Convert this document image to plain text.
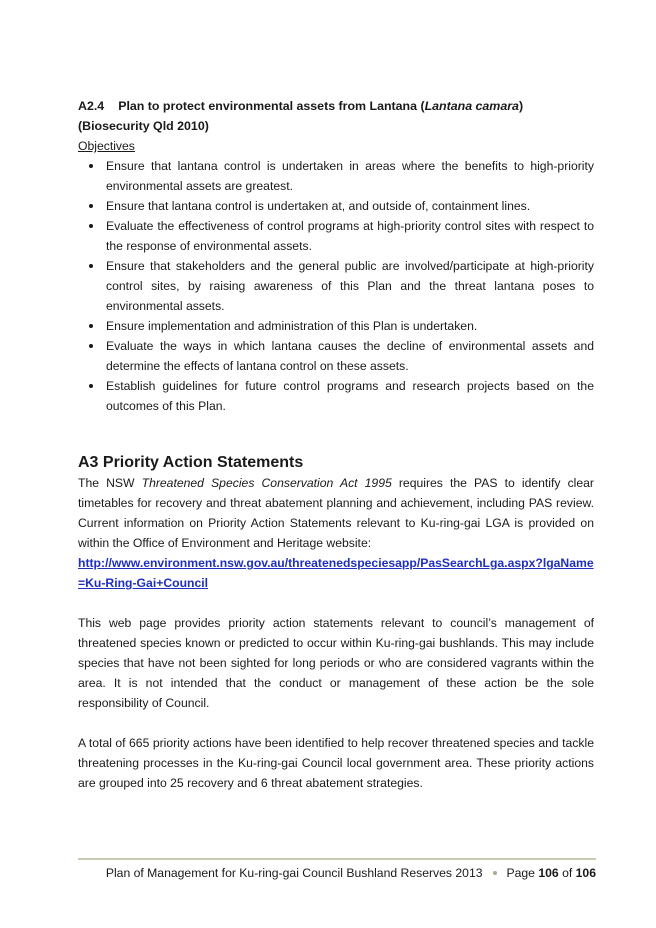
A2.4 Plan to protect environmental assets from Lantana (Lantana camara) (Biosecurity Qld 2010)
Objectives
Ensure that lantana control is undertaken in areas where the benefits to high-priority environmental assets are greatest.
Ensure that lantana control is undertaken at, and outside of, containment lines.
Evaluate the effectiveness of control programs at high-priority control sites with respect to the response of environmental assets.
Ensure that stakeholders and the general public are involved/participate at high-priority control sites, by raising awareness of this Plan and the threat lantana poses to environmental assets.
Ensure implementation and administration of this Plan is undertaken.
Evaluate the ways in which lantana causes the decline of environmental assets and determine the effects of lantana control on these assets.
Establish guidelines for future control programs and research projects based on the outcomes of this Plan.
A3 Priority Action Statements

The NSW Threatened Species Conservation Act 1995 requires the PAS to identify clear timetables for recovery and threat abatement planning and achievement, including PAS review. Current information on Priority Action Statements relevant to Ku-ring-gai LGA is provided on within the Office of Environment and Heritage website:

http://www.environment.nsw.gov.au/threatenedspeciesapp/PasSearchLga.aspx?lgaName=Ku-Ring-Gai+Council

This web page provides priority action statements relevant to council’s management of threatened species known or predicted to occur within Ku-ring-gai bushlands. This may include species that have not been sighted for long periods or who are considered vagrants within the area. It is not intended that the conduct or management of these action be the sole responsibility of Council.

A total of 665 priority actions have been identified to help recover threatened species and tackle threatening processes in the Ku-ring-gai Council local government area. These priority actions are grouped into 25 recovery and 6 threat abatement strategies.

Plan of Management for Ku-ring-gai Council Bushland Reserves 2013 Page 106 of 106
